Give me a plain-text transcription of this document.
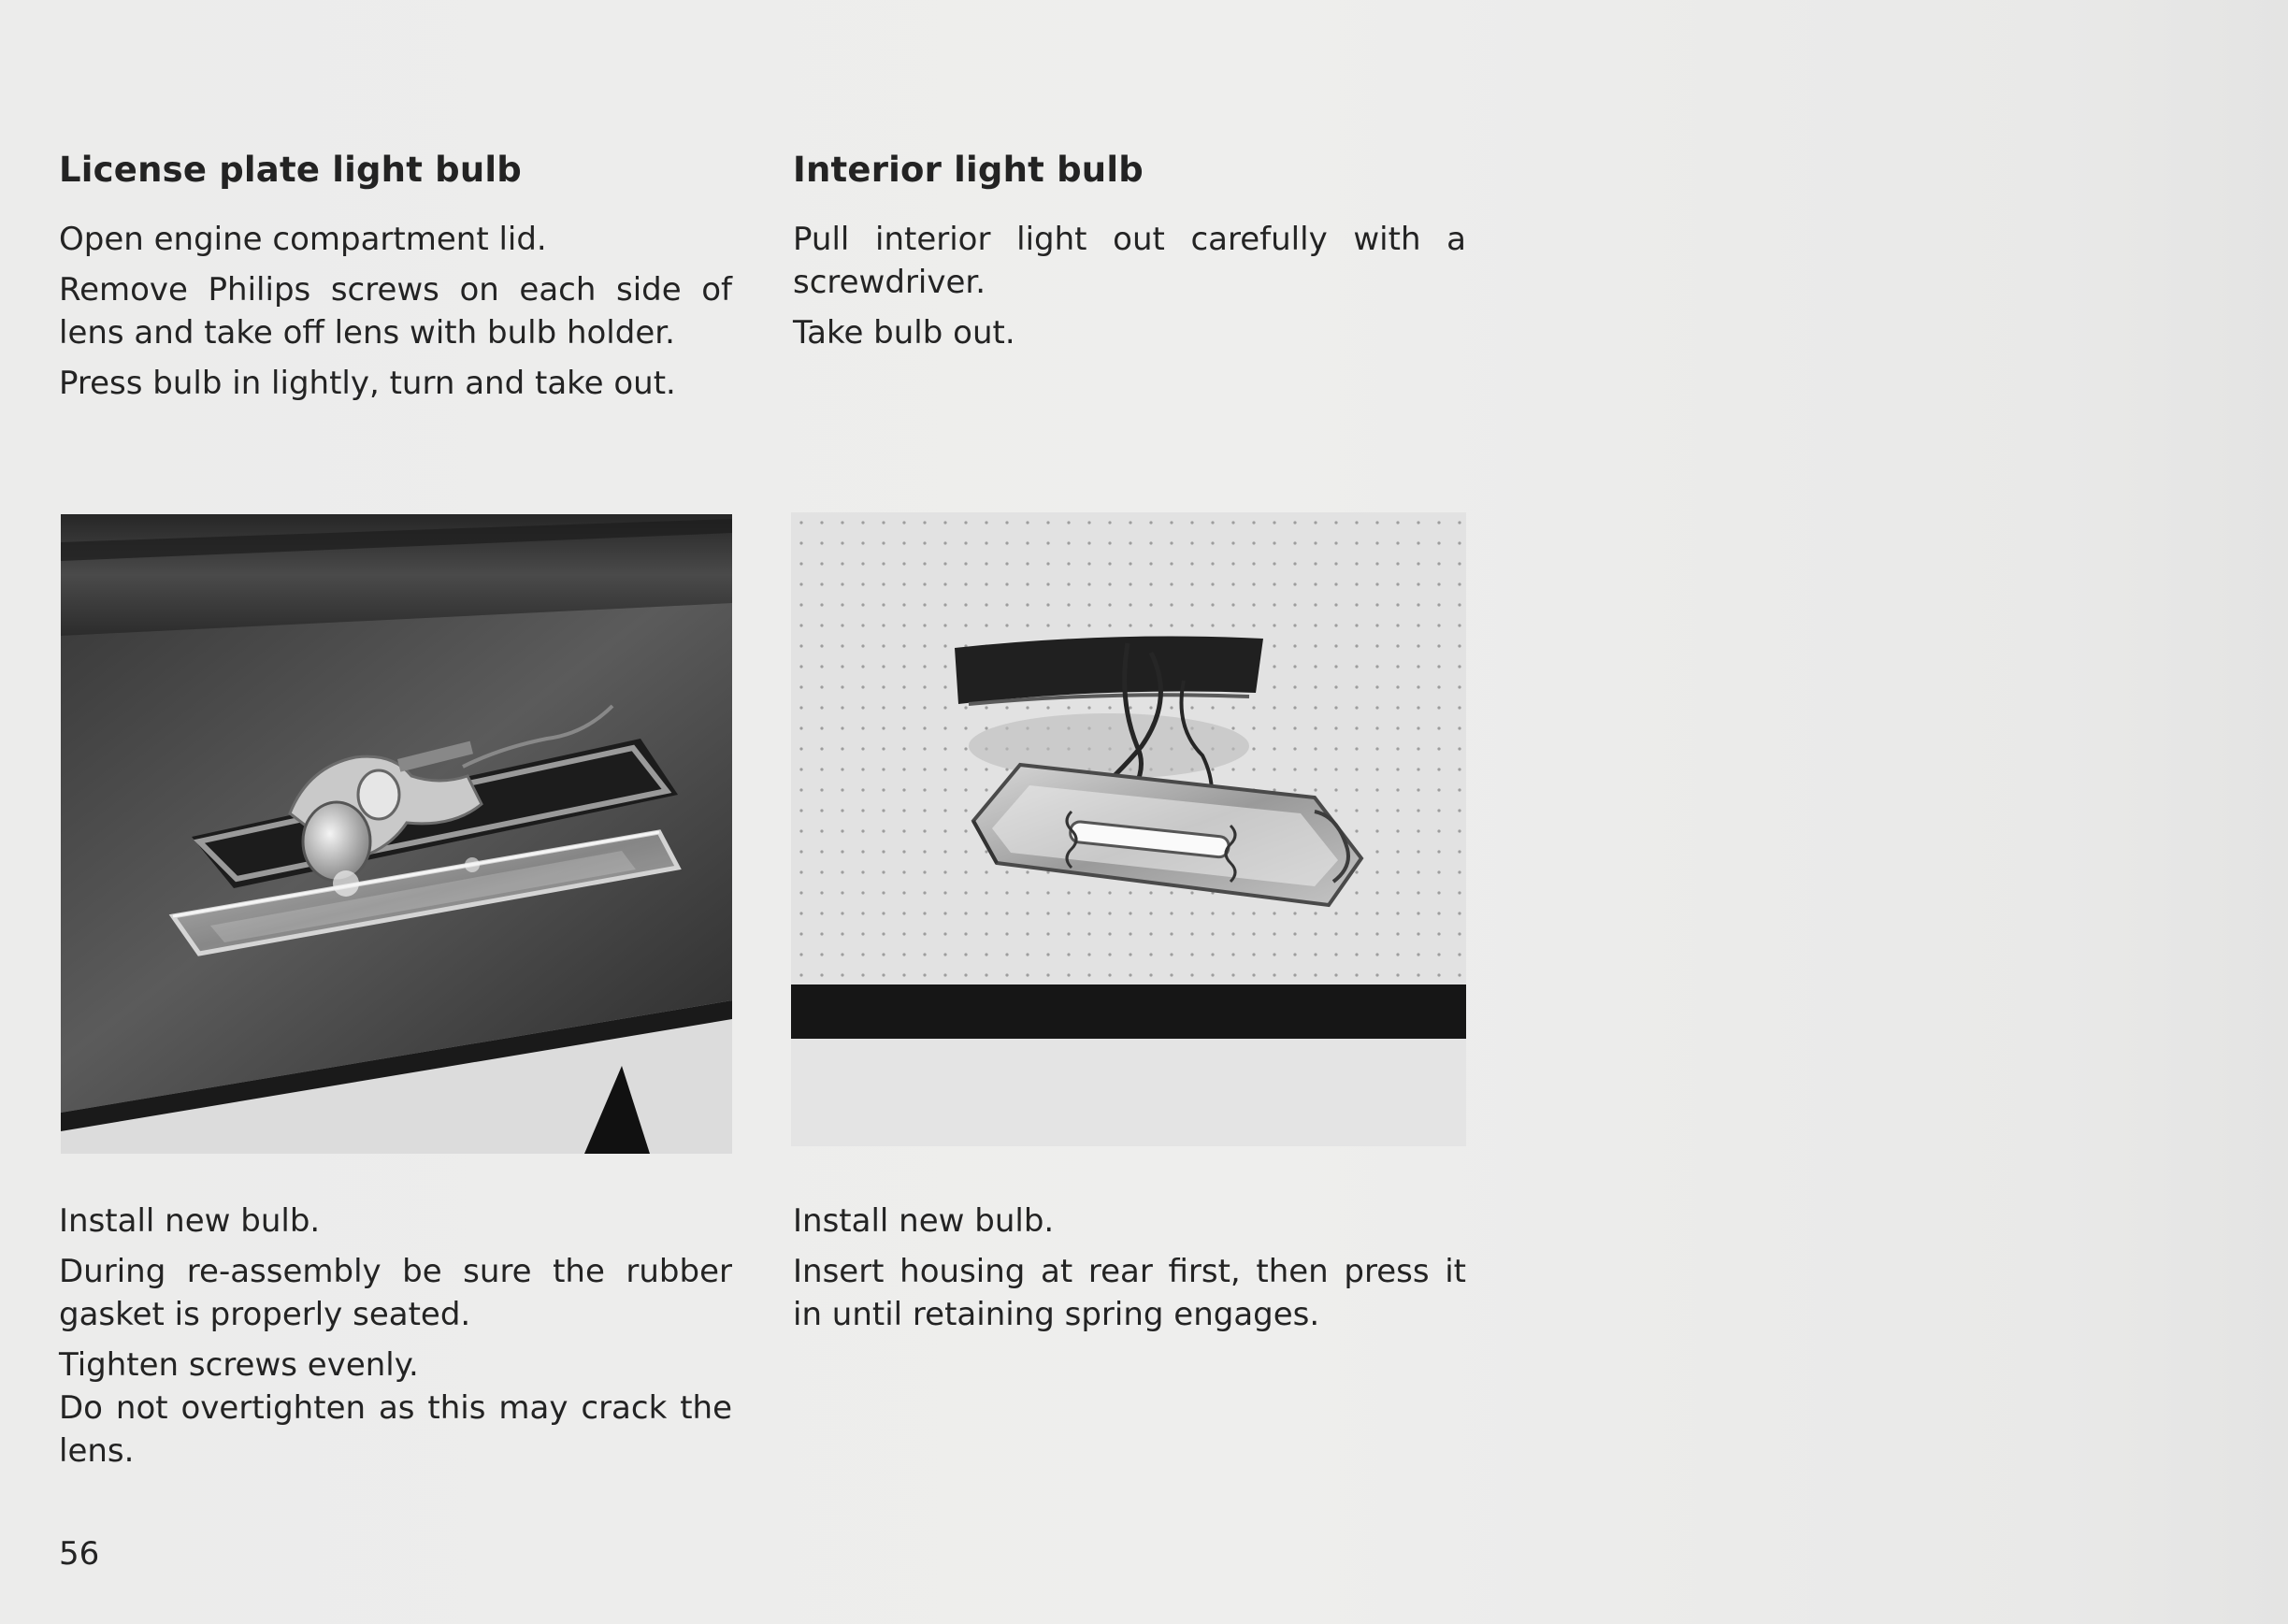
License plate light bulb

Open engine compartment lid.

Remove Philips screws on each side of lens and take off lens with bulb holder.

Press bulb in lightly, turn and take out.

Install new bulb.

During re-assembly be sure the rubber gasket is properly seated.

Tighten screws evenly.

Do not overtighten as this may crack the lens.

Interior light bulb

Pull interior light out carefully with a screwdriver.

Take bulb out.

Install new bulb.

Insert housing at rear first, then press it in until retaining spring engages.

56
